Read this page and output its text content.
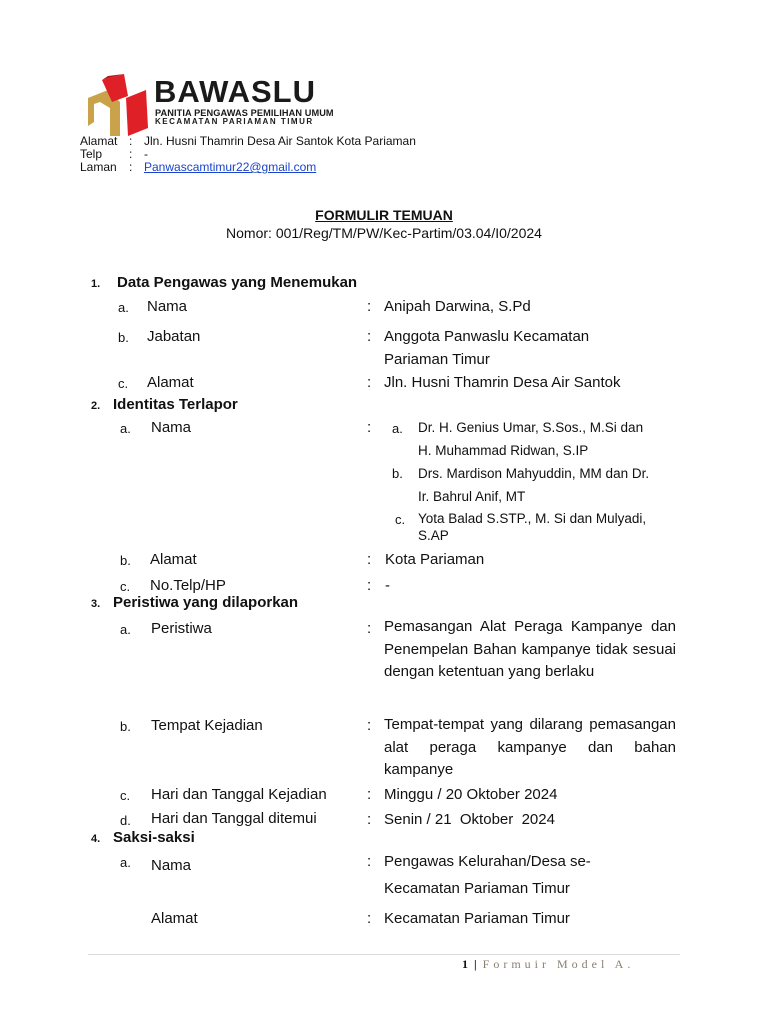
BAWASLU
PANITIA PENGAWAS PEMILIHAN UMUM
KECAMATAN PARIAMAN TIMUR
Alamat : Jln. Husni Thamrin Desa Air Santok Kota Pariaman
Telp : -
Laman : Panwascamtimur22@gmail.com
FORMULIR TEMUAN
Nomor: 001/Reg/TM/PW/Kec-Partim/03.04/I0/2024
1. Data Pengawas yang Menemukan
a. Nama	: Anipah Darwina, S.Pd
b. Jabatan	: Anggota Panwaslu Kecamatan
Pariaman Timur
c. Alamat	: Jln. Husni Thamrin Desa Air Santok
2. Identitas Terlapor
a. Nama	: a. Dr. H. Genius Umar, S.Sos., M.Si dan
H. Muhammad Ridwan, S.IP
b. Drs. Mardison Mahyuddin, MM dan Dr.
Ir. Bahrul Anif, MT
c. Yota Balad S.STP., M. Si dan Mulyadi,
S.AP
b. Alamat	: Kota Pariaman
c. No.Telp/HP	: -
3. Peristiwa yang dilaporkan
a. Peristiwa	: Pemasangan Alat Peraga Kampanye dan Penempelan Bahan kampanye tidak sesuai dengan ketentuan yang berlaku
b. Tempat Kejadian	: Tempat-tempat yang dilarang pemasangan alat peraga kampanye dan bahan kampanye
c. Hari dan Tanggal Kejadian	: Minggu / 20 Oktober 2024
d. Hari dan Tanggal ditemui	: Senin / 21  Oktober  2024
4. Saksi-saksi
a. Nama	: Pengawas Kelurahan/Desa se-
Kecamatan Pariaman Timur
Alamat	: Kecamatan Pariaman Timur
1 | Formuir Model A.
